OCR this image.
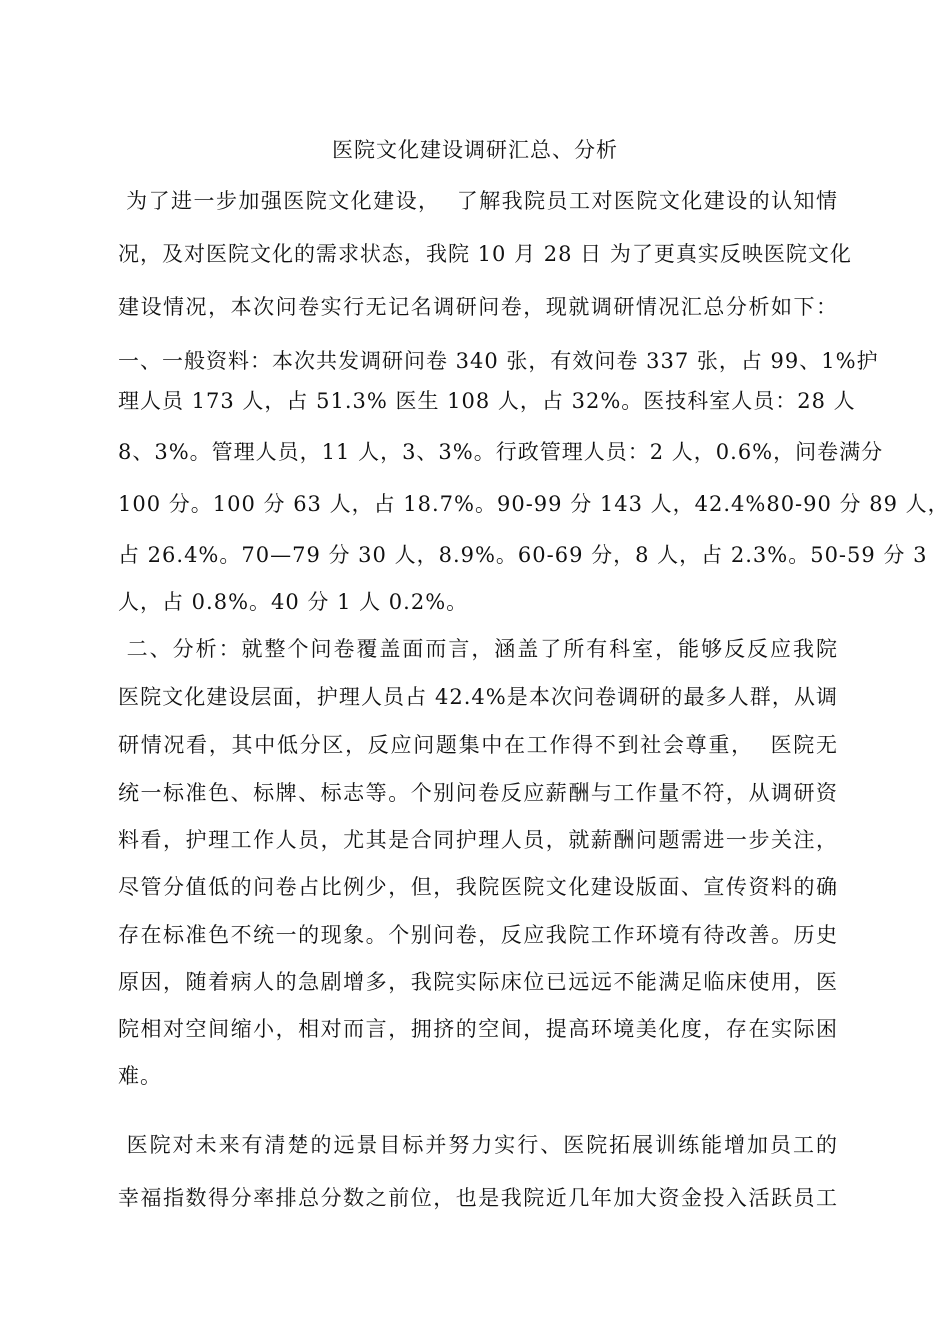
医院文化建设调研汇总、分析
为了进一步加强医院文化建设，  了解我院员工对医院文化建设的认知情
况，及对医院文化的需求状态，我院 10 月 28 日 为了更真实反映医院文化
建设情况，本次问卷实行无记名调研问卷，现就调研情况汇总分析如下：
一、一般资料：本次共发调研问卷 340 张，有效问卷 337 张，占 99、1%护
理人员 173 人，占 51.3% 医生 108 人，占 32%。医技科室人员：28 人
8、3%。管理人员，11 人，3、3%。行政管理人员：2 人，0.6%，问卷满分
100 分。100 分 63 人，占 18.7%。90-99 分 143 人，42.4%80-90 分 89 人，
占 26.4%。70—79 分 30 人，8.9%。60-69 分，8 人，占 2.3%。50-59 分 3
人，占 0.8%。40 分 1 人 0.2%。
二、分析：就整个问卷覆盖面而言，涵盖了所有科室，能够反反应我院
医院文化建设层面，护理人员占 42.4%是本次问卷调研的最多人群，从调
研情况看，其中低分区，反应问题集中在工作得不到社会尊重，  医院无
统一标准色、标牌、标志等。个别问卷反应薪酬与工作量不符，从调研资
料看，护理工作人员，尤其是合同护理人员，就薪酬问题需进一步关注，
尽管分值低的问卷占比例少，但，我院医院文化建设版面、宣传资料的确
存在标准色不统一的现象。个别问卷，反应我院工作环境有待改善。历史
原因，随着病人的急剧增多，我院实际床位已远远不能满足临床使用，医
院相对空间缩小，相对而言，拥挤的空间，提高环境美化度，存在实际困
难。
医院对未来有清楚的远景目标并努力实行、医院拓展训练能增加员工的
幸福指数得分率排总分数之前位，也是我院近几年加大资金投入活跃员工
